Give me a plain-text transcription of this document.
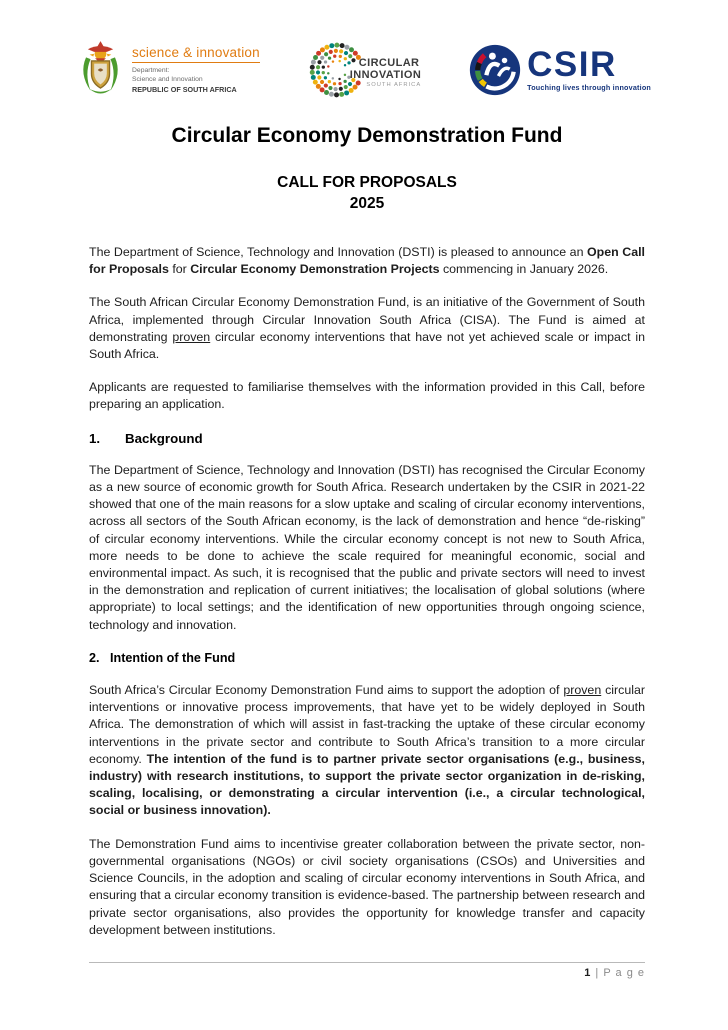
science & innovation
Department:
Science and Innovation
REPUBLIC OF SOUTH AFRICA
CIRCULAR
INNOVATION
SOUTH AFRICA
CSIR
Touching lives through innovation
Circular Economy Demonstration Fund
CALL FOR PROPOSALS
2025

The Department of Science, Technology and Innovation (DSTI) is pleased to announce an Open Call for Proposals for Circular Economy Demonstration Projects commencing in January 2026.

The South African Circular Economy Demonstration Fund, is an initiative of the Government of South Africa, implemented through Circular Innovation South Africa (CISA). The Fund is aimed at demonstrating proven circular economy interventions that have not yet achieved scale or impact in South Africa.

Applicants are requested to familiarise themselves with the information provided in this Call, before preparing an application.

1. Background

The Department of Science, Technology and Innovation (DSTI) has recognised the Circular Economy as a new source of economic growth for South Africa. Research undertaken by the CSIR in 2021-22 showed that one of the main reasons for a slow uptake and scaling of circular economy interventions, across all sectors of the South African economy, is the lack of demonstration and hence “de-risking” of circular economy interventions. While the circular economy concept is not new to South Africa, more needs to be done to achieve the scale required for meaningful economic, social and environmental impact. As such, it is recognised that the public and private sectors will need to invest in the demonstration and replication of current initiatives; the localisation of global solutions (where appropriate) to local settings; and the identification of new opportunities through ongoing science, technology and innovation.

2. Intention of the Fund

South Africa’s Circular Economy Demonstration Fund aims to support the adoption of proven circular interventions or innovative process improvements, that have yet to be widely deployed in South Africa. The demonstration of which will assist in fast-tracking the uptake of these circular economy interventions in the private sector and contribute to South Africa’s transition to a more circular economy. The intention of the fund is to partner private sector organisations (e.g., business, industry) with research institutions, to support the private sector organization in de-risking, scaling, localising, or demonstrating a circular intervention (i.e., a circular technological, social or business innovation).

The Demonstration Fund aims to incentivise greater collaboration between the private sector, non-governmental organisations (NGOs) or civil society organisations (CSOs) and Universities and Science Councils, in the adoption and scaling of circular economy interventions in South Africa, and ensuring that a circular economy transition is evidence-based. The partnership between research and private sector organisations, also provides the opportunity for knowledge transfer and capacity development between institutions.

1 | P a g e
